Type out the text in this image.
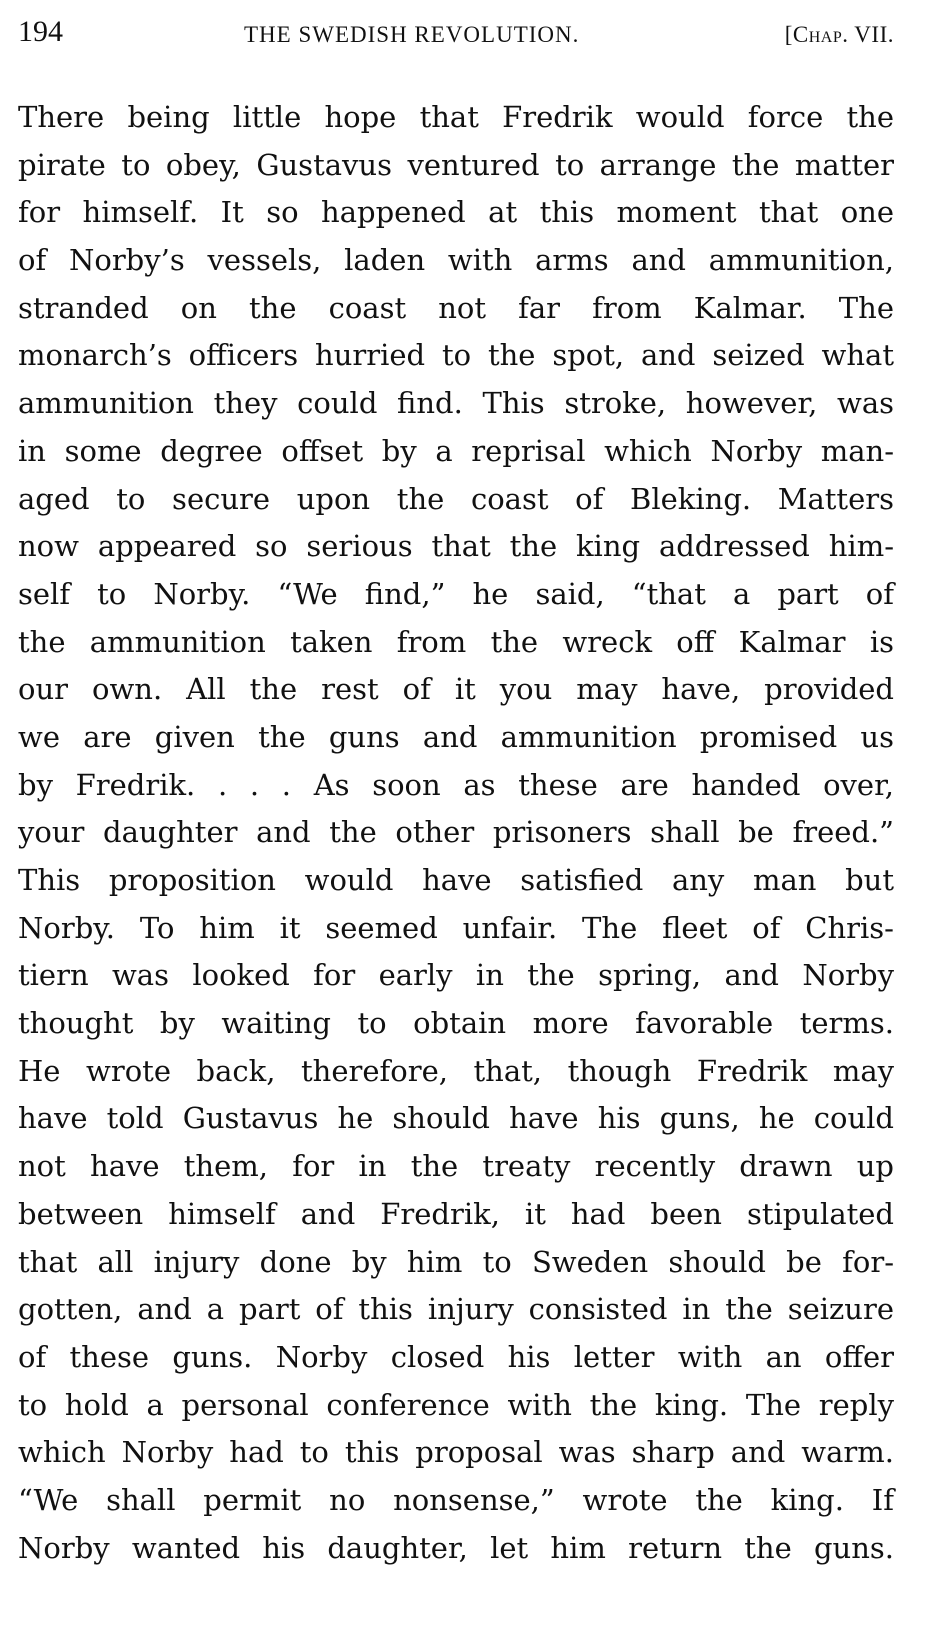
194	THE SWEDISH REVOLUTION.	[Chap. VII.
There being little hope that Fredrik would force the
pirate to obey, Gustavus ventured to arrange the matter
for himself. It so happened at this moment that one
of Norby’s vessels, laden with arms and ammunition,
stranded on the coast not far from Kalmar. The
monarch’s officers hurried to the spot, and seized what
ammunition they could find. This stroke, however, was
in some degree offset by a reprisal which Norby man-
aged to secure upon the coast of Bleking. Matters
now appeared so serious that the king addressed him-
self to Norby. “We find,” he said, “that a part of
the ammunition taken from the wreck off Kalmar is
our own. All the rest of it you may have, provided
we are given the guns and ammunition promised us
by Fredrik. . . . As soon as these are handed over,
your daughter and the other prisoners shall be freed.”
This proposition would have satisfied any man but
Norby. To him it seemed unfair. The fleet of Chris-
tiern was looked for early in the spring, and Norby
thought by waiting to obtain more favorable terms.
He wrote back, therefore, that, though Fredrik may
have told Gustavus he should have his guns, he could
not have them, for in the treaty recently drawn up
between himself and Fredrik, it had been stipulated
that all injury done by him to Sweden should be for-
gotten, and a part of this injury consisted in the seizure
of these guns. Norby closed his letter with an offer
to hold a personal conference with the king. The reply
which Norby had to this proposal was sharp and warm.
“We shall permit no nonsense,” wrote the king. If
Norby wanted his daughter, let him return the guns.
